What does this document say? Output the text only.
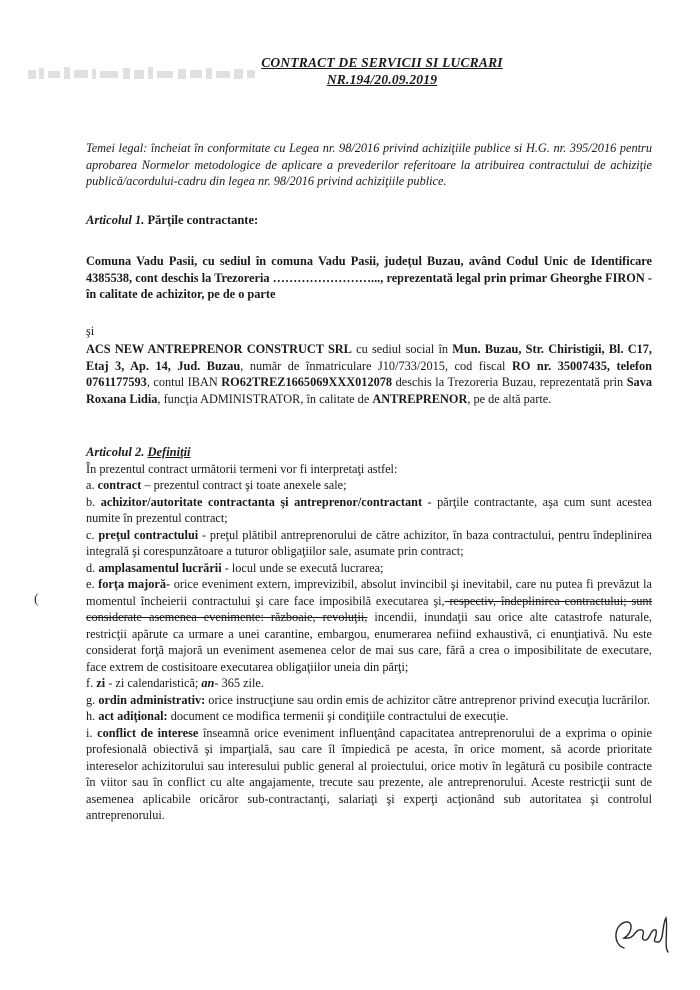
CONTRACT DE SERVICII SI LUCRARI
NR.194/20.09.2019
Temei legal: încheiat în conformitate cu Legea nr. 98/2016 privind achiziţiile publice si H.G. nr. 395/2016 pentru aprobarea Normelor metodologice de aplicare a prevederilor referitoare la atribuirea contractului de achiziţie publică/acordului-cadru din legea nr. 98/2016 privind achiziţiile publice.
Articolul 1. Părţile contractante:
Comuna Vadu Pasii, cu sediul în comuna Vadu Pasii, judeţul Buzau, având Codul Unic de Identificare 4385538, cont deschis la Trezoreria ……………………..., reprezentată legal prin primar Gheorghe FIRON - în calitate de achizitor, pe de o parte
şi
ACS NEW ANTREPRENOR CONSTRUCT SRL cu sediul social în Mun. Buzau, Str. Chiristigii, Bl. C17, Etaj 3, Ap. 14, Jud. Buzau, număr de înmatriculare J10/733/2015, cod fiscal RO nr. 35007435, telefon 0761177593, contul IBAN RO62TREZ1665069XXX012078 deschis la Trezoreria Buzau, reprezentată prin Sava Roxana Lidia, funcţia ADMINISTRATOR, în calitate de ANTREPRENOR, pe de altă parte.
Articolul 2. Definiţii
În prezentul contract următorii termeni vor fi interpretaţi astfel:
a. contract – prezentul contract şi toate anexele sale;
b. achizitor/autoritate contractanta şi antreprenor/contractant - părţile contractante, aşa cum sunt acestea numite în prezentul contract;
c. preţul contractului - preţul plătibil antreprenorului de către achizitor, în baza contractului, pentru îndeplinirea integrală şi corespunzătoare a tuturor obligaţiilor sale, asumate prin contract;
d. amplasamentul lucrării - locul unde se execută lucrarea;
e. forţa majoră- orice eveniment extern, imprevizibil, absolut invincibil şi inevitabil, care nu putea fi prevăzut la momentul încheierii contractului şi care face imposibilă executarea şi, respectiv, îndeplinirea contractului; sunt considerate asemenea evenimente: războaie, revoluţii, incendii, inundaţii sau orice alte catastrofe naturale, restricţii apărute ca urmare a unei carantine, embargou, enumerarea nefiind exhaustivă, ci enunţiativă. Nu este considerat forţă majoră un eveniment asemenea celor de mai sus care, fără a crea o imposibilitate de executare, face extrem de costisitoare executarea obligaţiilor uneia din părţi;
f. zi - zi calendaristică; an- 365 zile.
g. ordin administrativ: orice instrucţiune sau ordin emis de achizitor către antreprenor privind execuţia lucrărilor.
h. act adiţional: document ce modifica termenii şi condiţiile contractului de execuţie.
i. conflict de interese înseamnă orice eveniment influenţând capacitatea antreprenorului de a exprima o opinie profesională obiectivă şi imparţială, sau care îl împiedică pe acesta, în orice moment, să acorde prioritate intereselor achizitorului sau interesului public general al proiectului, orice motiv în legătură cu posibile contracte în viitor sau în conflict cu alte angajamente, trecute sau prezente, ale antreprenorului. Aceste restricţii sunt de asemenea aplicabile oricăror sub-contractanţi, salariaţi şi experţi acţionând sub autoritatea şi controlul antreprenorului.
(
